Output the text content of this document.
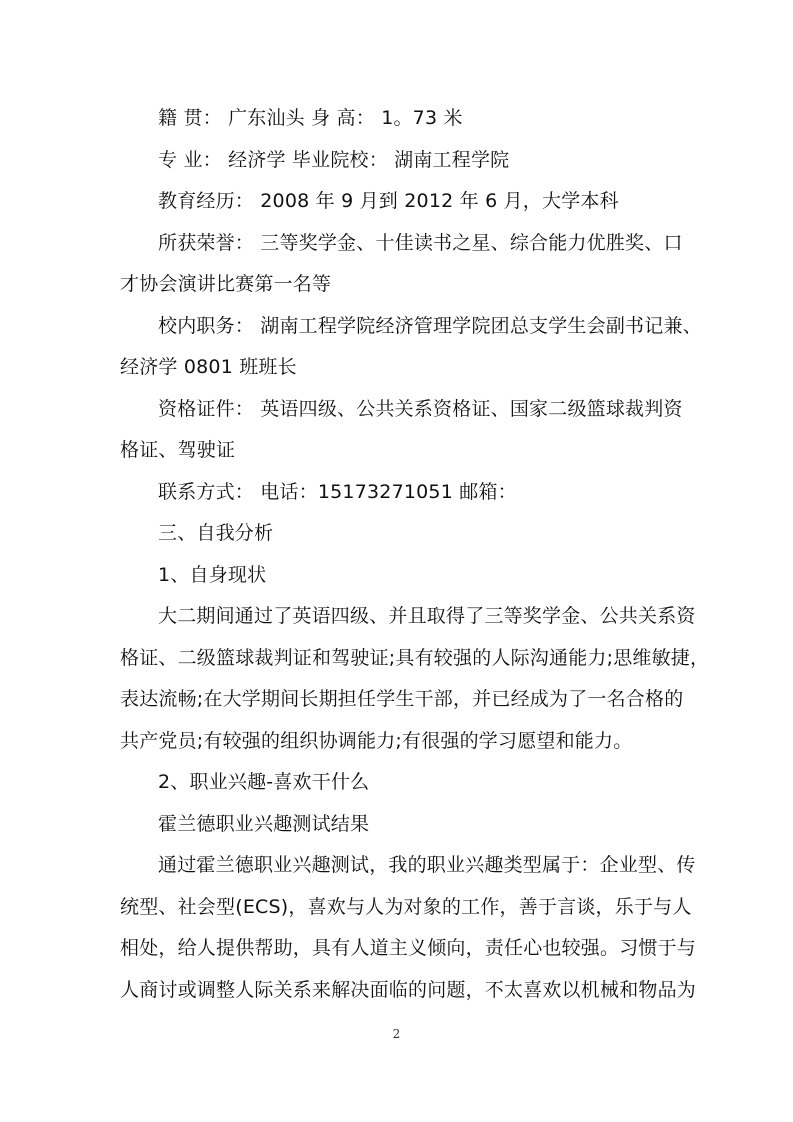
籍 贯： 广东汕头 身 高： 1。73 米
专 业： 经济学 毕业院校： 湖南工程学院
教育经历： 2008 年 9 月到 2012 年 6 月，大学本科
所获荣誉： 三等奖学金、十佳读书之星、综合能力优胜奖、口
才协会演讲比赛第一名等
校内职务： 湖南工程学院经济管理学院团总支学生会副书记兼、
经济学 0801 班班长
资格证件： 英语四级、公共关系资格证、国家二级篮球裁判资
格证、驾驶证
联系方式： 电话：15173271051 邮箱：
三、自我分析
1、自身现状
大二期间通过了英语四级、并且取得了三等奖学金、公共关系资
格证、二级篮球裁判证和驾驶证;具有较强的人际沟通能力;思维敏捷，
表达流畅;在大学期间长期担任学生干部，并已经成为了一名合格的
共产党员;有较强的组织协调能力;有很强的学习愿望和能力。
2、职业兴趣-喜欢干什么
霍兰德职业兴趣测试结果
通过霍兰德职业兴趣测试，我的职业兴趣类型属于：企业型、传
统型、社会型(ECS)，喜欢与人为对象的工作，善于言谈，乐于与人
相处，给人提供帮助，具有人道主义倾向，责任心也较强。习惯于与
人商讨或调整人际关系来解决面临的问题，不太喜欢以机械和物品为
2
